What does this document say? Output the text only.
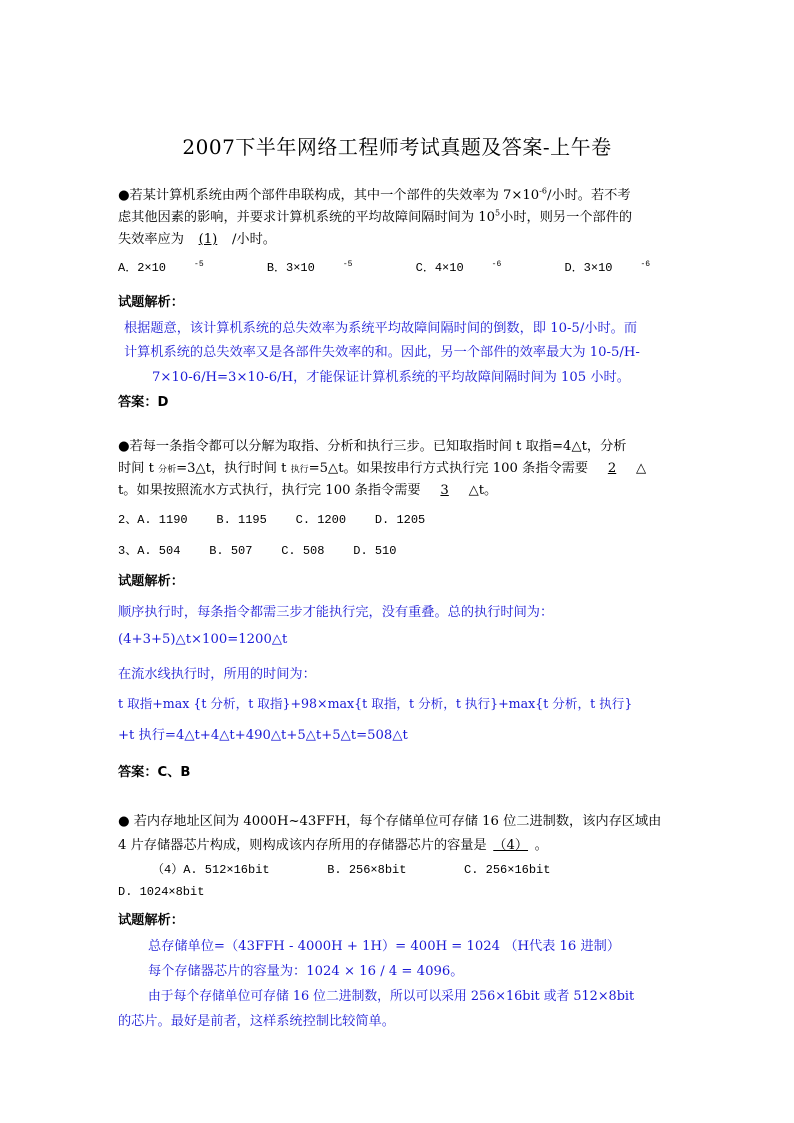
2007下半年网络工程师考试真题及答案-上午卷
●若某计算机系统由两个部件串联构成，其中一个部件的失效率为 $7\times 10^{-6}/$小时。若不考
虑其他因素的影响，并要求计算机系统的平均故障间隔时间为 $10^5$小时，则另一个部件的
失效率应为 (1) /小时。
A．2×10	$^{-5}$	B．3×10	$^{-5}$	C．4×10	$^{-6}$	D．3×10	$^{-6}$
试题解析：
根据题意，该计算机系统的总失效率为系统平均故障间隔时间的倒数，即 10-5/小时。而
计算机系统的总失效率又是各部件失效率的和。因此，另一个部件的效率最大为 10-5/H-
7×10-6/H=3×10-6/H，才能保证计算机系统的平均故障间隔时间为 105 小时。
答案：D
●若每一条指令都可以分解为取指、分析和执行三步。已知取指时间 t 取指=4△t，分析
时间 t 分析=3△t，执行时间 t 执行=5△t。如果按串行方式执行完 100 条指令需要 2 △
t。如果按照流水方式执行，执行完 100 条指令需要 3 △t。
2、A. 1190    B. 1195    C. 1200    D. 1205
3、A. 504    B. 507    C. 508    D. 510
试题解析：
顺序执行时，每条指令都需三步才能执行完，没有重叠。总的执行时间为：
(4+3+5)△t×100=1200△t
在流水线执行时，所用的时间为：
t 取指+max {t 分析，t 取指}+98×max{t 取指，t 分析，t 执行}+max{t 分析，t 执行}
+t 执行=4△t+4△t+490△t+5△t+5△t=508△t
答案：C、B
● 若内存地址区间为 4000H~43FFH，每个存储单位可存储 16 位二进制数，该内存区域由
4 片存储器芯片构成，则构成该内存所用的存储器芯片的容量是 （4） 。
（4）A. 512×16bit        B. 256×8bit        C. 256×16bit
D. 1024×8bit
试题解析：
总存储单位=（43FFH - 4000H + 1H）= 400H = 1024 （H代表 16 进制）
每个存储器芯片的容量为：1024 × 16 / 4 = 4096。
由于每个存储单位可存储 16 位二进制数，所以可以采用 256×16bit 或者 512×8bit
的芯片。最好是前者，这样系统控制比较简单。
